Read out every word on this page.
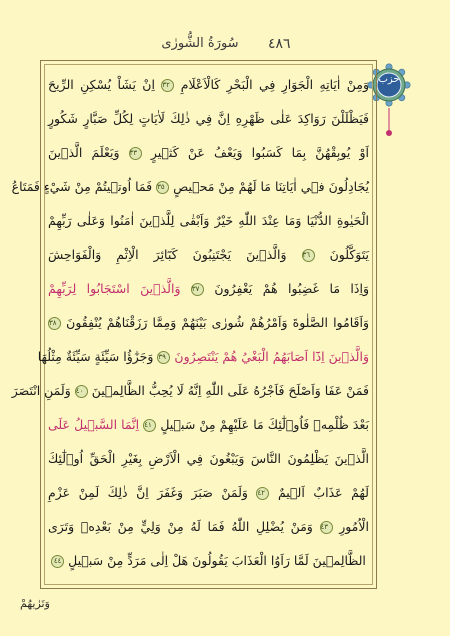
سُورَةُ الشُّورٰى	٤٨٦
حزب
وَمِنْ اٰيَاتِهِ الْجَوَارِ فِي الْبَحْرِ كَالْاَعْلَامِ ٣٢ اِنْ يَشَاْ يُسْكِنِ الرِّيحَ
فَيَظْلَلْنَ رَوَاكِدَ عَلٰى ظَهْرِهِ اِنَّ فِي ذٰلِكَ لَاٰيَاتٍ لِكُلِّ صَبَّارٍ شَكُورٍ
اَوْ يُوبِقْهُنَّ بِمَا كَسَبُوا وَيَعْفُ عَنْ كَث۪يرٍ ٣٣ وَيَعْلَمَ الَّذ۪ينَ
يُجَادِلُونَ ف۪ي اٰيَاتِنَا مَا لَهُمْ مِنْ مَح۪يصٍ ٣٥ فَمَا اُوت۪يتُمْ مِنْ شَيْءٍ فَمَتَاعُ
الْحَيٰوةِ الدُّنْيَا وَمَا عِنْدَ اللّٰهِ خَيْرٌ وَاَبْقٰى لِلَّذ۪ينَ اٰمَنُوا وَعَلٰى رَبِّهِمْ
يَتَوَكَّلُونَ ٣٦ وَالَّذ۪ينَ يَجْتَنِبُونَ كَبَٓائِرَ الْاِثْمِ وَالْفَوَاحِشَ
وَاِذَا مَا غَضِبُوا هُمْ يَغْفِرُونَ ٣٧ وَالَّذ۪ينَ اسْتَجَابُوا لِرَبِّهِمْ
وَاَقَامُوا الصَّلٰوةَ وَاَمْرُهُمْ شُورٰى بَيْنَهُمْ وَمِمَّا رَزَقْنَاهُمْ يُنْفِقُونَ ٣٨
وَالَّذ۪ينَ اِذَٓا اَصَابَهُمُ الْبَغْيُ هُمْ يَنْتَصِرُونَ ٣٩ وَجَزٰٓؤُا سَيِّئَةٍ سَيِّئَةٌ مِثْلُهَا
فَمَنْ عَفَا وَاَصْلَحَ فَاَجْرُهُ عَلَى اللّٰهِ اِنَّهُ لَا يُحِبُّ الظَّالِم۪ينَ ٤٠ وَلَمَنِ انْتَصَرَ
بَعْدَ ظُلْمِه۪ فَاُو۬لٰٓئِكَ مَا عَلَيْهِمْ مِنْ سَب۪يلٍ ٤١ اِنَّمَا السَّب۪يلُ عَلَى
الَّذ۪ينَ يَظْلِمُونَ النَّاسَ وَيَبْغُونَ فِي الْاَرْضِ بِغَيْرِ الْحَقِّ اُو۬لٰٓئِكَ
لَهُمْ عَذَابٌ اَل۪يمٌ ٤٢ وَلَمَنْ صَبَرَ وَغَفَرَ اِنَّ ذٰلِكَ لَمِنْ عَزْمِ
الْاُمُورِ ٤٣ وَمَنْ يُضْلِلِ اللّٰهُ فَمَا لَهُ مِنْ وَلِيٍّ مِنْ بَعْدِه۪ وَتَرَى
الظَّالِم۪ينَ لَمَّا رَاَوُا الْعَذَابَ يَقُولُونَ هَلْ اِلٰى مَرَدٍّ مِنْ سَب۪يلٍ ٤٤
وَتَرٰيهُمْ
